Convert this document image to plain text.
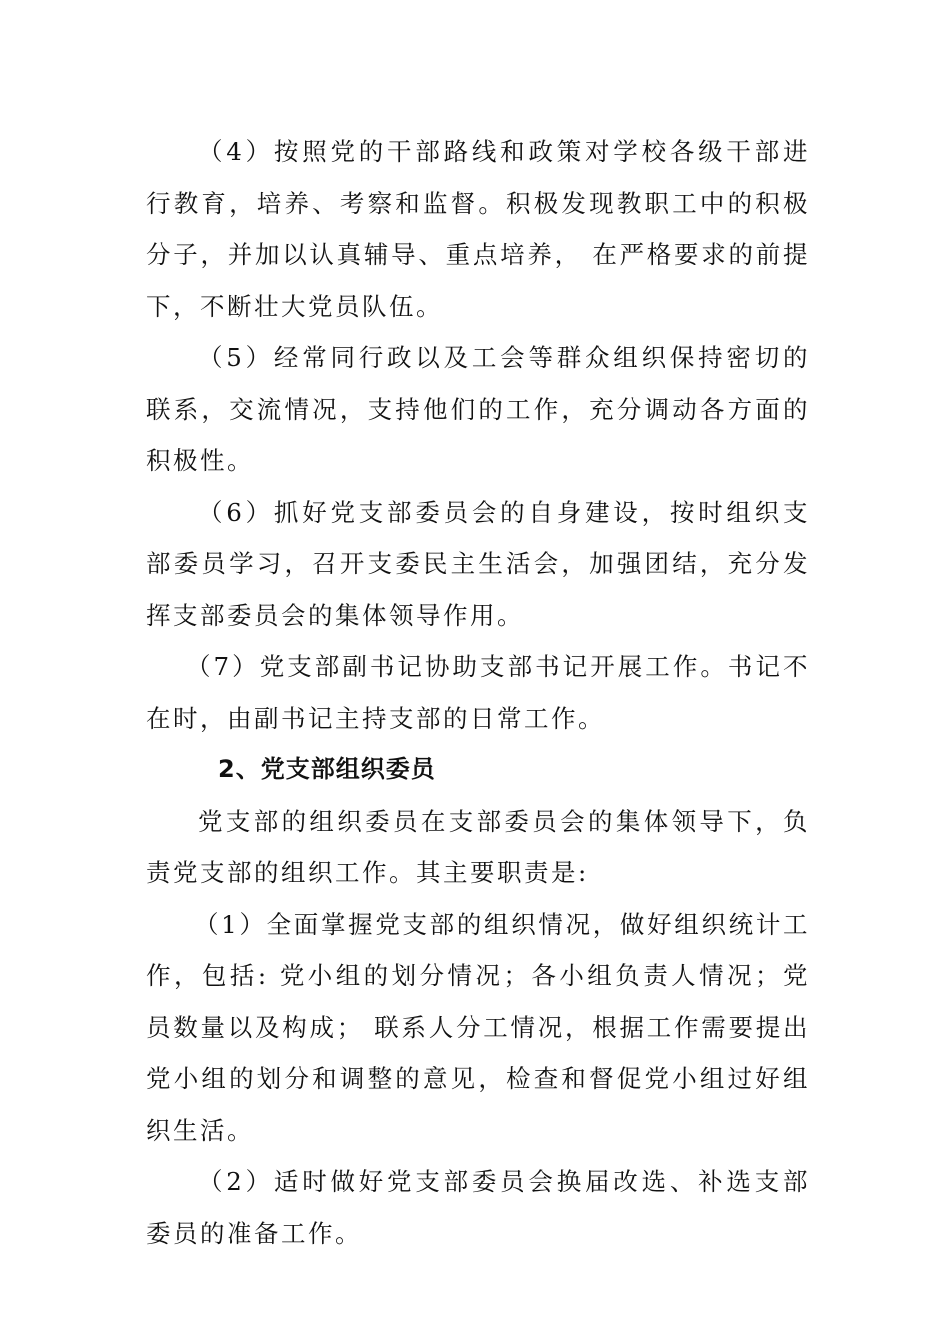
（4）按照党的干部路线和政策对学校各级干部进行教育，培养、考察和监督。积极发现教职工中的积极分子，并加以认真辅导、重点培养， 在严格要求的前提下，不断壮大党员队伍。

（5）经常同行政以及工会等群众组织保持密切的联系，交流情况，支持他们的工作，充分调动各方面的积极性。

（6）抓好党支部委员会的自身建设，按时组织支部委员学习，召开支委民主生活会，加强团结，充分发挥支部委员会的集体领导作用。

（7）党支部副书记协助支部书记开展工作。书记不在时，由副书记主持支部的日常工作。

2、党支部组织委员

党支部的组织委员在支部委员会的集体领导下，负责党支部的组织工作。其主要职责是:

（1）全面掌握党支部的组织情况，做好组织统计工作，包括: 党小组的划分情况；各小组负责人情况；党员数量以及构成； 联系人分工情况，根据工作需要提出党小组的划分和调整的意见，检查和督促党小组过好组织生活。

（2）适时做好党支部委员会换届改选、补选支部委员的准备工作。
